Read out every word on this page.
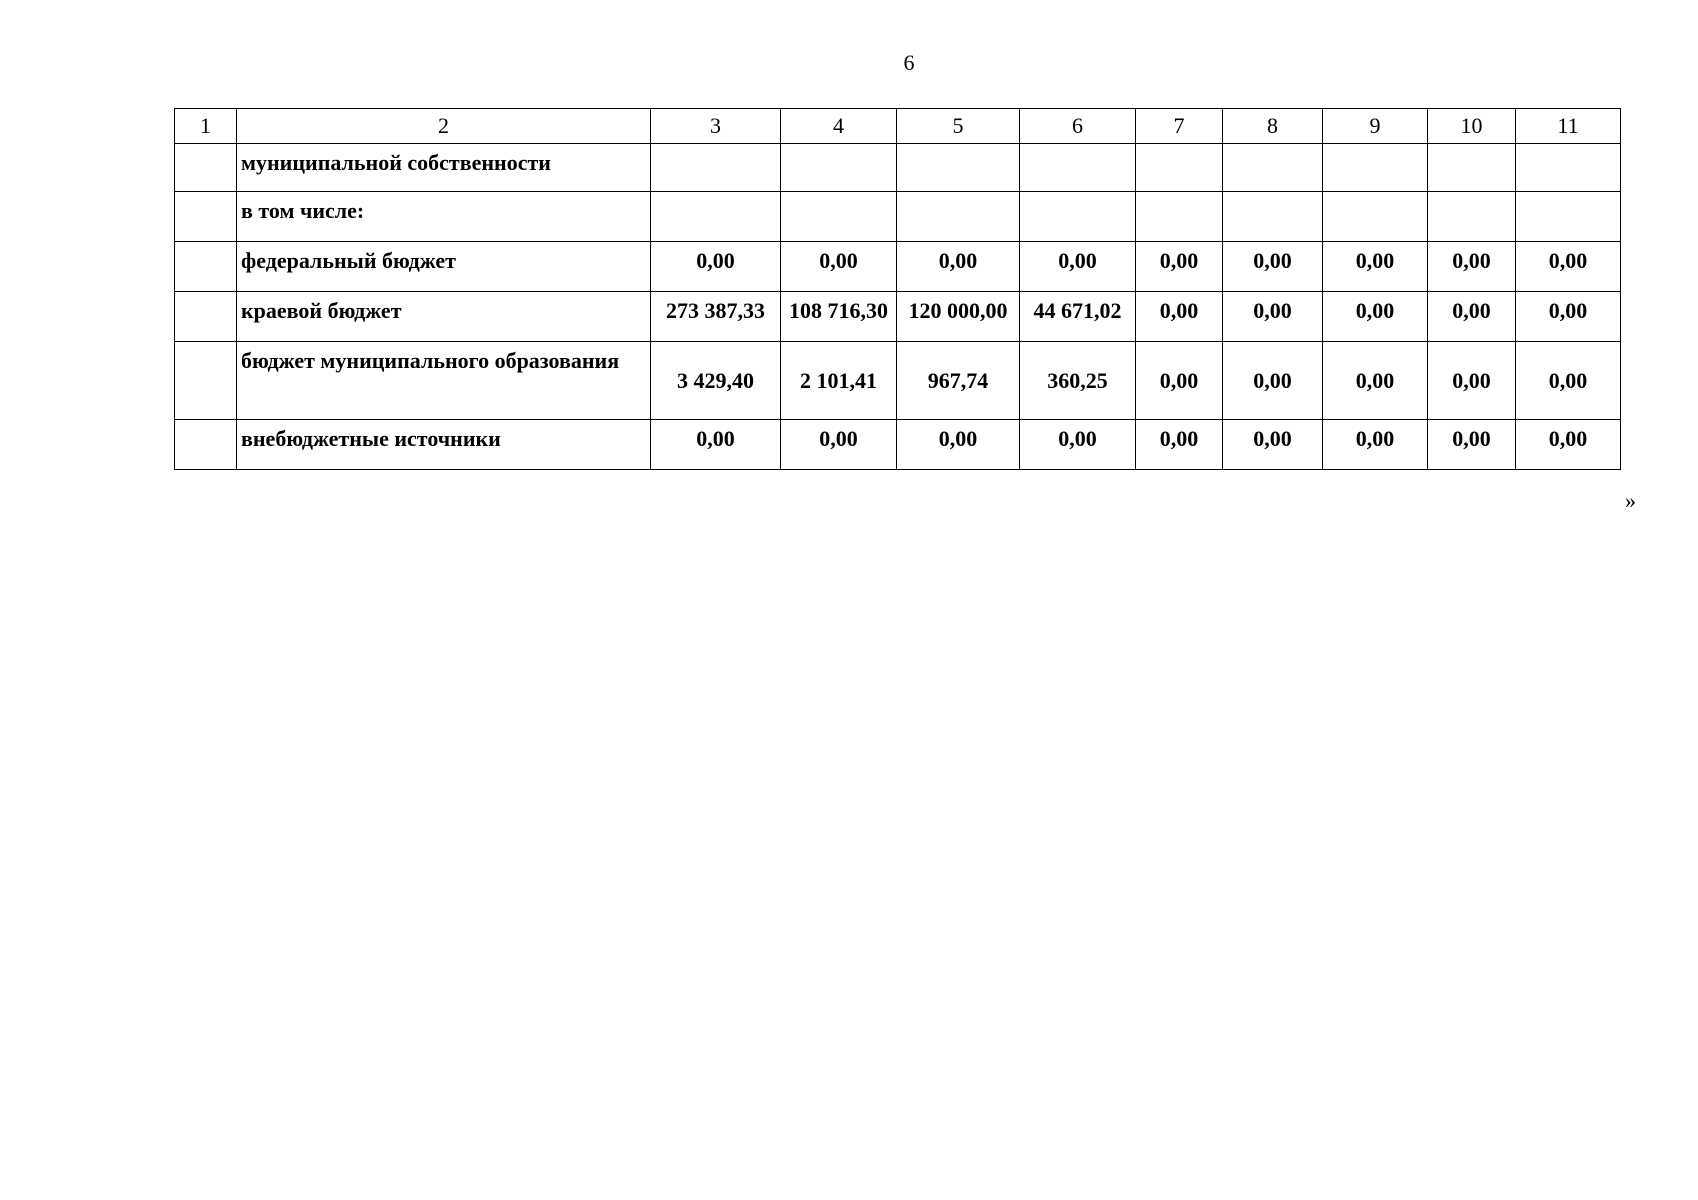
6
1	2	3	4	5	6	7	8	9	10	11
	муниципальной собственности									
	в том числе:									
	федеральный бюджет	0,00	0,00	0,00	0,00	0,00	0,00	0,00	0,00	0,00
	краевой бюджет	273 387,33	108 716,30	120 000,00	44 671,02	0,00	0,00	0,00	0,00	0,00
	бюджет муниципального образования	3 429,40	2 101,41	967,74	360,25	0,00	0,00	0,00	0,00	0,00
	внебюджетные источники	0,00	0,00	0,00	0,00	0,00	0,00	0,00	0,00	0,00
»
